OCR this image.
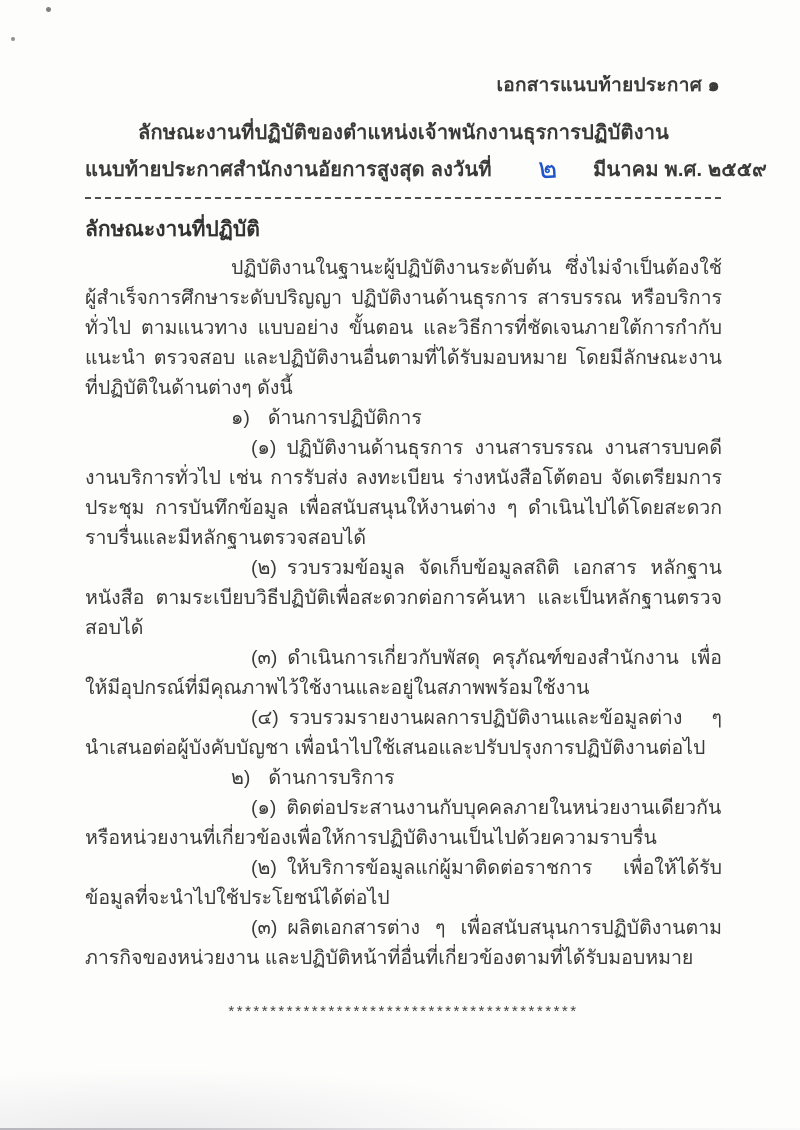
เอกสารแนบท้ายประกาศ ๑
ลักษณะงานที่ปฏิบัติของตำแหน่งเจ้าพนักงานธุรการปฏิบัติงาน
แนบท้ายประกาศสำนักงานอัยการสูงสุด ลงวันที่ ๒ มีนาคม พ.ศ. ๒๕๕๙
ลักษณะงานที่ปฏิบัติ

ปฏิบัติงานในฐานะผู้ปฏิบัติงานระดับต้น ซึ่งไม่จำเป็นต้องใช้ผู้สำเร็จการศึกษาระดับปริญญา ปฏิบัติงานด้านธุรการ สารบรรณ หรือบริการทั่วไป ตามแนวทาง แบบอย่าง ขั้นตอน และวิธีการที่ชัดเจนภายใต้การกำกับ แนะนำ ตรวจสอบ และปฏิบัติงานอื่นตามที่ได้รับมอบหมาย โดยมีลักษณะงานที่ปฏิบัติในด้านต่างๆ ดังนี้

๑) ด้านการปฏิบัติการ

(๑) ปฏิบัติงานด้านธุรการ งานสารบรรณ งานสารบบคดี งานบริการทั่วไป เช่น การรับส่ง ลงทะเบียน ร่างหนังสือโต้ตอบ จัดเตรียมการประชุม การบันทึกข้อมูล เพื่อสนับสนุนให้งานต่าง ๆ ดำเนินไปได้โดยสะดวกราบรื่นและมีหลักฐานตรวจสอบได้

(๒) รวบรวมข้อมูล จัดเก็บข้อมูลสถิติ เอกสาร หลักฐานหนังสือ ตามระเบียบวิธีปฏิบัติเพื่อสะดวกต่อการค้นหา และเป็นหลักฐานตรวจสอบได้

(๓) ดำเนินการเกี่ยวกับพัสดุ ครุภัณฑ์ของสำนักงาน เพื่อให้มีอุปกรณ์ที่มีคุณภาพไว้ใช้งานและอยู่ในสภาพพร้อมใช้งาน

(๔) รวบรวมรายงานผลการปฏิบัติงานและข้อมูลต่าง ๆ นำเสนอต่อผู้บังคับบัญชา เพื่อนำไปใช้เสนอและปรับปรุงการปฏิบัติงานต่อไป

๒) ด้านการบริการ

(๑) ติดต่อประสานงานกับบุคคลภายในหน่วยงานเดียวกันหรือหน่วยงานที่เกี่ยวข้องเพื่อให้การปฏิบัติงานเป็นไปด้วยความราบรื่น

(๒) ให้บริการข้อมูลแก่ผู้มาติดต่อราชการ เพื่อให้ได้รับข้อมูลที่จะนำไปใช้ประโยชน์ได้ต่อไป

(๓) ผลิตเอกสารต่าง ๆ เพื่อสนับสนุนการปฏิบัติงานตามภารกิจของหน่วยงาน และปฏิบัติหน้าที่อื่นที่เกี่ยวข้องตามที่ได้รับมอบหมาย

******************************************
